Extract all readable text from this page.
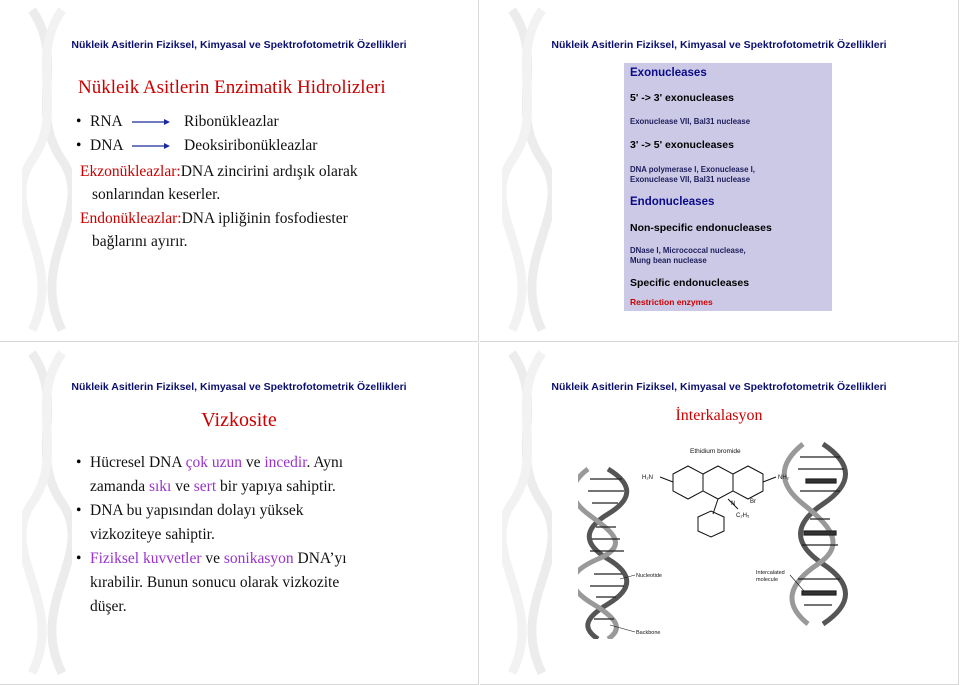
Nükleik Asitlerin Fiziksel, Kimyasal ve Spektrofotometrik Özellikleri
Nükleik Asitlerin Enzimatik Hidrolizleri
• RNA	Ribonükleazlar
• DNA	Deoksiribonükleazlar
Ekzonükleazlar:DNA zincirini ardışık olarak
sonlarından keserler.
Endonükleazlar:DNA ipliğinin fosfodiester
bağlarını ayırır.
Nükleik Asitlerin Fiziksel, Kimyasal ve Spektrofotometrik Özellikleri
Exonucleases
5' -> 3' exonucleases
Exonuclease VII, Bal31 nuclease
3' -> 5' exonucleases
DNA polymerase I, Exonuclease I,
Exonuclease VII, Bal31 nuclease
Endonucleases
Non-specific endonucleases
DNase I, Micrococcal nuclease,
Mung bean nuclease
Specific endonucleases
Restriction enzymes
Nükleik Asitlerin Fiziksel, Kimyasal ve Spektrofotometrik Özellikleri
Vizkosite
• Hücresel DNA çok uzun ve incedir. Aynı
zamanda sıkı ve sert bir yapıya sahiptir.
• DNA bu yapısından dolayı yüksek
vizkoziteye sahiptir.
• Fiziksel kuvvetler ve sonikasyon DNA’yı
kırabilir. Bunun sonucu olarak vizkozite
düşer.
Nükleik Asitlerin Fiziksel, Kimyasal ve Spektrofotometrik Özellikleri
İnterkalasyon
Ethidium bromide
H₂N	NH₂
N Br
C₂H₅
Nucleotide
Backbone
Intercalated
molecule
